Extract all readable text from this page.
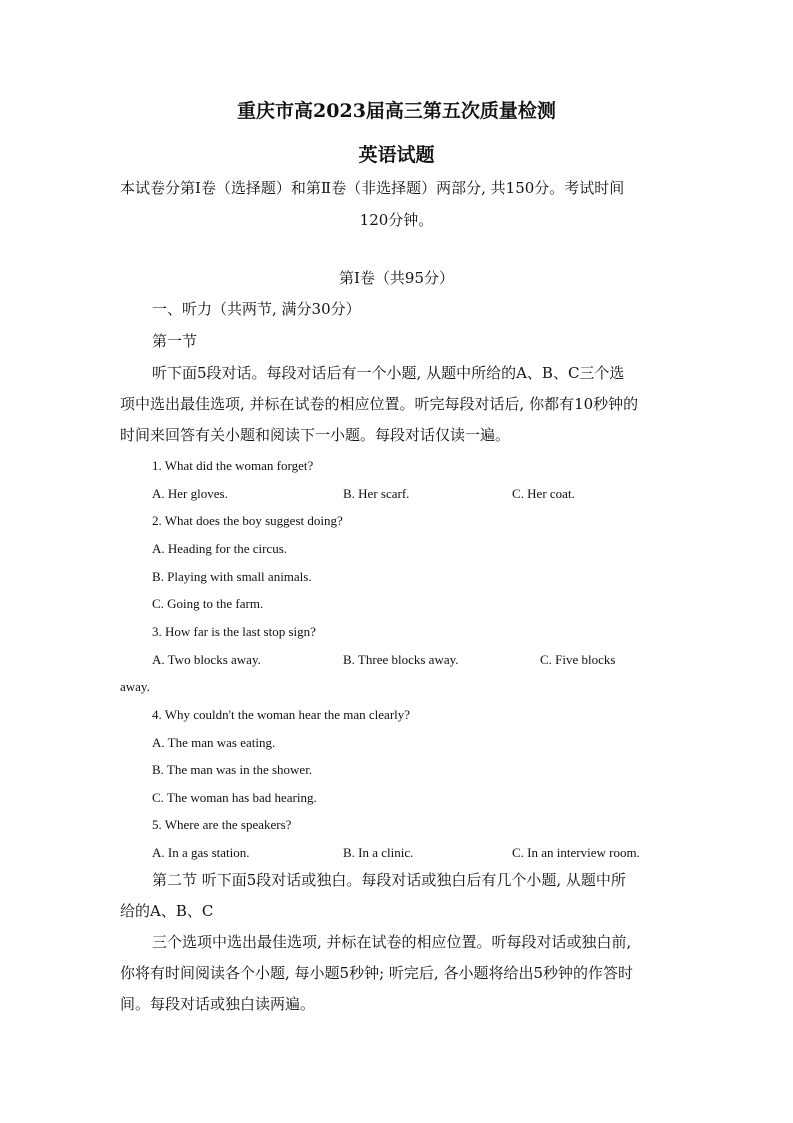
重庆市高2023届高三第五次质量检测
英语试题
本试卷分第Ⅰ卷（选择题）和第Ⅱ卷（非选择题）两部分, 共150分。考试时间
120分钟。
第Ⅰ卷（共95分）
一、听力（共两节, 满分30分）
第一节
听下面5段对话。每段对话后有一个小题, 从题中所给的A、B、C三个选
项中选出最佳选项, 并标在试卷的相应位置。听完每段对话后, 你都有10秒钟的
时间来回答有关小题和阅读下一小题。每段对话仅读一遍。
1. What did the woman forget?
A. Her gloves.	B. Her scarf.	C. Her coat.
2. What does the boy suggest doing?
A. Heading for the circus.
B. Playing with small animals.
C. Going to the farm.
3. How far is the last stop sign?
A. Two blocks away.	B. Three blocks away.	C. Five blocks
away.
4. Why couldn't the woman hear the man clearly?
A. The man was eating.
B. The man was in the shower.
C. The woman has bad hearing.
5. Where are the speakers?
A. In a gas station.	B. In a clinic.	C. In an interview room.
第二节 听下面5段对话或独白。每段对话或独白后有几个小题, 从题中所
给的A、B、C
三个选项中选出最佳选项, 并标在试卷的相应位置。听每段对话或独白前,
你将有时间阅读各个小题, 每小题5秒钟; 听完后, 各小题将给出5秒钟的作答时
间。每段对话或独白读两遍。
